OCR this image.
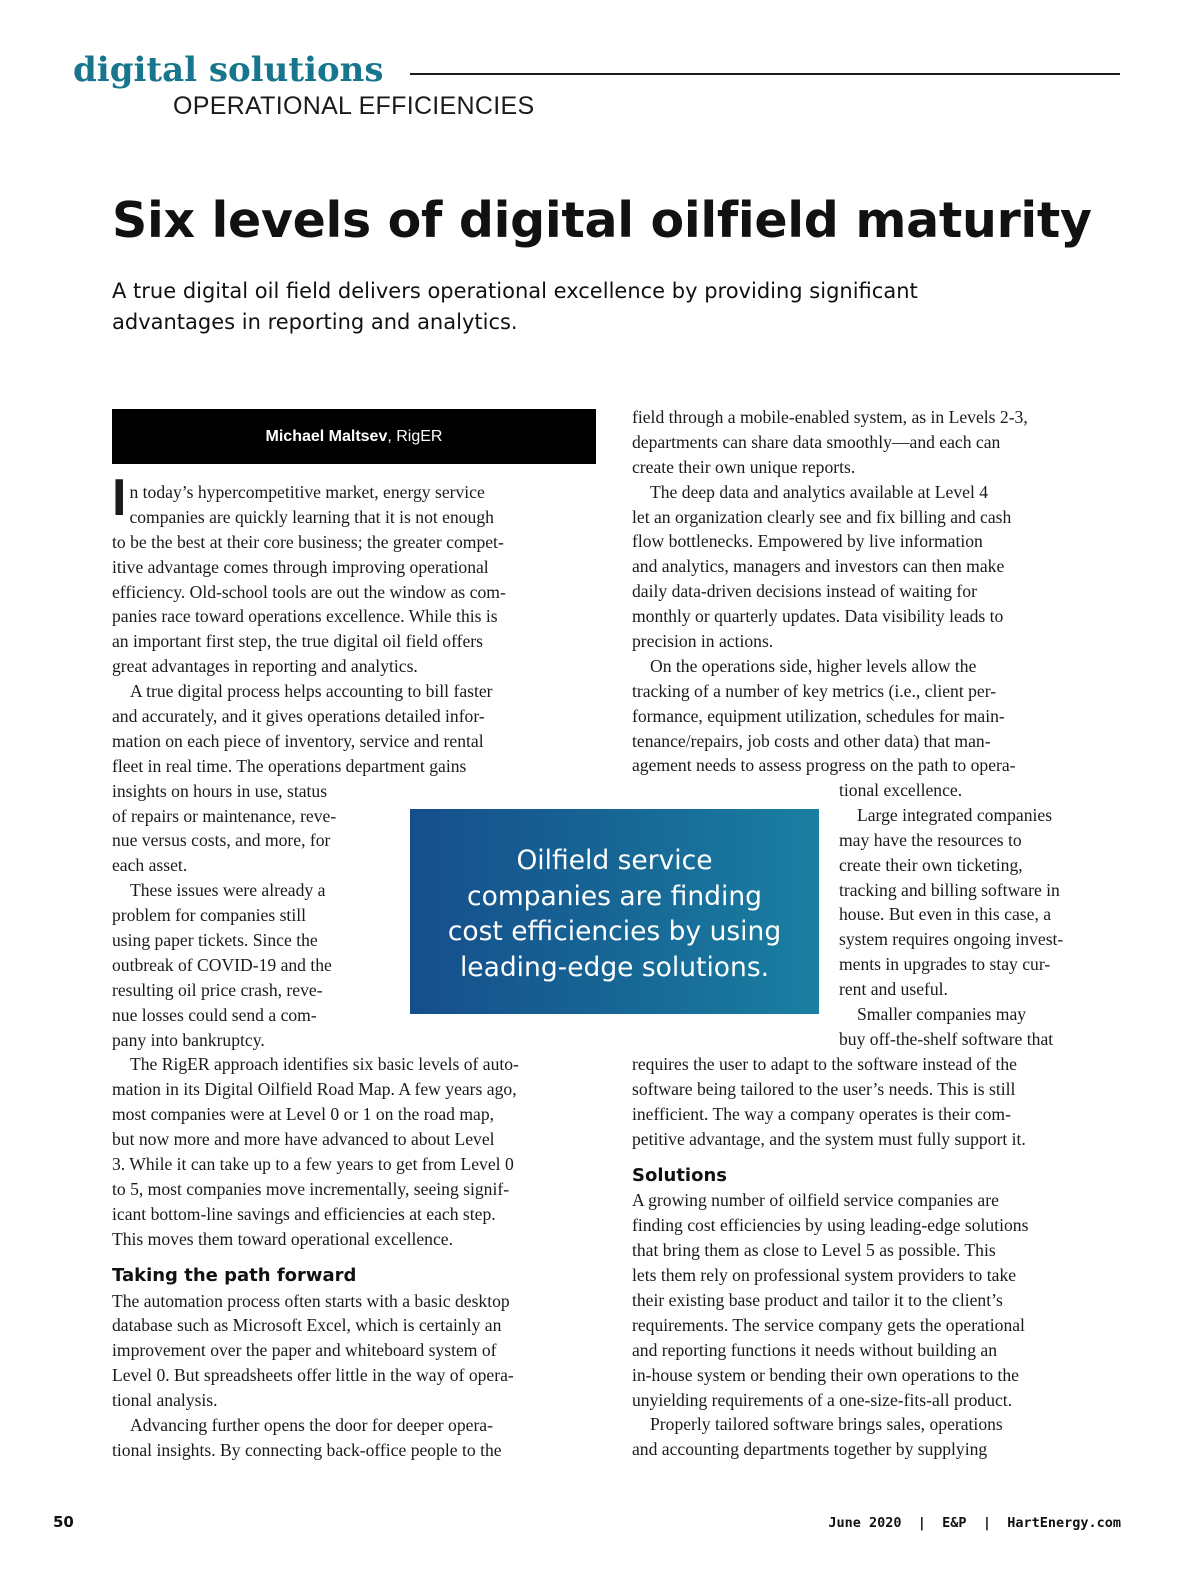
digital solutions
OPERATIONAL EFFICIENCIES
Six levels of digital oilfield maturity
A true digital oil field delivers operational excellence by providing significant
advantages in reporting and analytics.
Michael Maltsev, RigER
I n today’s hypercompetitive market, energy service
companies are quickly learning that it is not enough
to be the best at their core business; the greater compet-
itive advantage comes through improving operational
efficiency. Old-school tools are out the window as com-
panies race toward operations excellence. While this is
an important first step, the true digital oil field offers
great advantages in reporting and analytics.
A true digital process helps accounting to bill faster
and accurately, and it gives operations detailed infor-
mation on each piece of inventory, service and rental
fleet in real time. The operations department gains
insights on hours in use, status
of repairs or maintenance, reve-
nue versus costs, and more, for
each asset.
These issues were already a
problem for companies still
using paper tickets. Since the
outbreak of COVID-19 and the
resulting oil price crash, reve-
nue losses could send a com-
pany into bankruptcy.
The RigER approach identifies six basic levels of auto-
mation in its Digital Oilfield Road Map. A few years ago,
most companies were at Level 0 or 1 on the road map,
but now more and more have advanced to about Level
3. While it can take up to a few years to get from Level 0
to 5, most companies move incrementally, seeing signif-
icant bottom-line savings and efficiencies at each step.
This moves them toward operational excellence.
Taking the path forward
The automation process often starts with a basic desktop
database such as Microsoft Excel, which is certainly an
improvement over the paper and whiteboard system of
Level 0. But spreadsheets offer little in the way of opera-
tional analysis.
Advancing further opens the door for deeper opera-
tional insights. By connecting back-office people to the
field through a mobile-enabled system, as in Levels 2-3,
departments can share data smoothly—and each can
create their own unique reports.
The deep data and analytics available at Level 4
let an organization clearly see and fix billing and cash
flow bottlenecks. Empowered by live information
and analytics, managers and investors can then make
daily data-driven decisions instead of waiting for
monthly or quarterly updates. Data visibility leads to
precision in actions.
On the operations side, higher levels allow the
tracking of a number of key metrics (i.e., client per-
formance, equipment utilization, schedules for main-
tenance/repairs, job costs and other data) that man-
agement needs to assess progress on the path to opera-
tional excellence.
Large integrated companies
may have the resources to
create their own ticketing,
tracking and billing software in
house. But even in this case, a
system requires ongoing invest-
ments in upgrades to stay cur-
rent and useful.
Smaller companies may
buy off-the-shelf software that
requires the user to adapt to the software instead of the
software being tailored to the user’s needs. This is still
inefficient. The way a company operates is their com-
petitive advantage, and the system must fully support it.
Solutions
A growing number of oilfield service companies are
finding cost efficiencies by using leading-edge solutions
that bring them as close to Level 5 as possible. This
lets them rely on professional system providers to take
their existing base product and tailor it to the client’s
requirements. The service company gets the operational
and reporting functions it needs without building an
in-house system or bending their own operations to the
unyielding requirements of a one-size-fits-all product.
Properly tailored software brings sales, operations
and accounting departments together by supplying
Oilfield service
companies are finding
cost efficiencies by using
leading-edge solutions.
50	June 2020  |  E&P  |  HartEnergy.com
